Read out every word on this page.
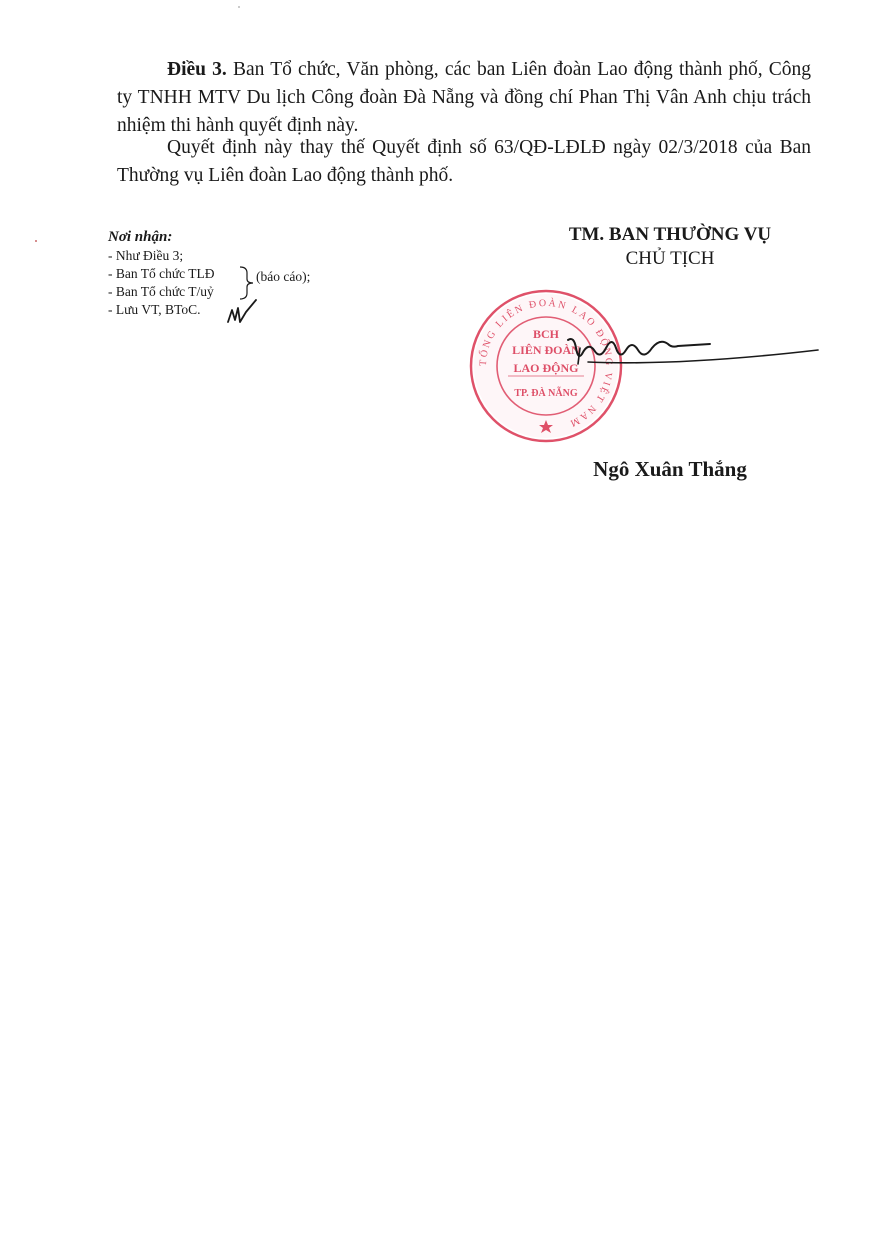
Điều 3. Ban Tổ chức, Văn phòng, các ban Liên đoàn Lao động thành phố, Công ty TNHH MTV Du lịch Công đoàn Đà Nẵng và đồng chí Phan Thị Vân Anh chịu trách nhiệm thi hành quyết định này.

Quyết định này thay thế Quyết định số 63/QĐ-LĐLĐ ngày 02/3/2018 của Ban Thường vụ Liên đoàn Lao động thành phố.

Nơi nhận:
- Như Điều 3;
- Ban Tổ chức TLĐ
- Ban Tổ chức T/uỷ
- Lưu VT, BToC.
(báo cáo);
TM. BAN THƯỜNG VỤ
CHỦ TỊCH
TỔNG LIÊN ĐOÀN LAO ĐỘNG VIỆT NAM
BCH
LIÊN ĐOÀN
LAO ĐỘNG
TP. ĐÀ NẴNG
Ngô Xuân Thắng
